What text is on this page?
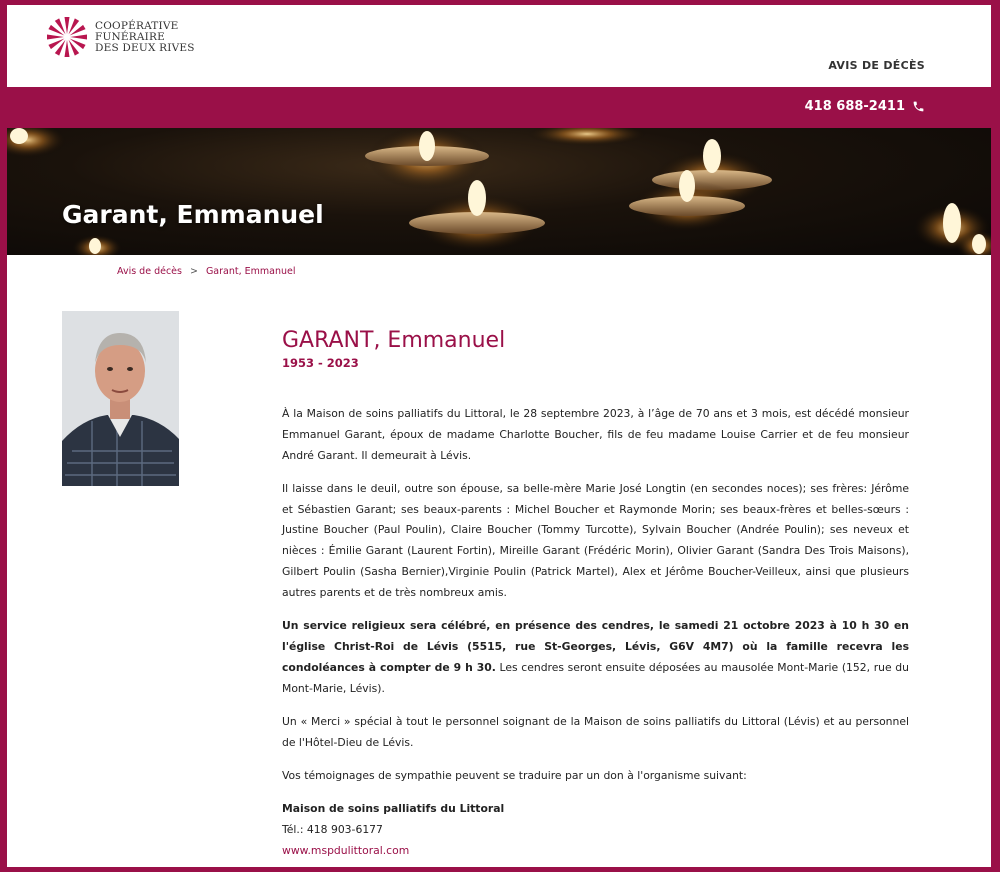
COOPÉRATIVE
FUNÉRAIRE
DES DEUX RIVES
AVIS DE DÉCÈS
418 688-2411
Garant, Emmanuel
Avis de décès > Garant, Emmanuel
GARANT, Emmanuel
1953 - 2023

À la Maison de soins palliatifs du Littoral, le 28 septembre 2023, à l’âge de 70 ans et 3 mois, est décédé monsieur Emmanuel Garant, époux de madame Charlotte Boucher, fils de feu madame Louise Carrier et de feu monsieur André Garant. Il demeurait à Lévis.

Il laisse dans le deuil, outre son épouse, sa belle-mère Marie José Longtin (en secondes noces); ses frères: Jérôme et Sébastien Garant; ses beaux-parents : Michel Boucher et Raymonde Morin; ses beaux-frères et belles-sœurs : Justine Boucher (Paul Poulin), Claire Boucher (Tommy Turcotte), Sylvain Boucher (Andrée Poulin); ses neveux et nièces : Émilie Garant (Laurent Fortin), Mireille Garant (Frédéric Morin), Olivier Garant (Sandra Des Trois Maisons), Gilbert Poulin (Sasha Bernier),Virginie Poulin (Patrick Martel), Alex et Jérôme Boucher-Veilleux, ainsi que plusieurs autres parents et de très nombreux amis.

Un service religieux sera célébré, en présence des cendres, le samedi 21 octobre 2023 à 10 h 30 en l'église Christ-Roi de Lévis (5515, rue St-Georges, Lévis, G6V 4M7) où la famille recevra les condoléances à compter de 9 h 30. Les cendres seront ensuite déposées au mausolée Mont-Marie (152, rue du Mont-Marie, Lévis).

Un « Merci » spécial à tout le personnel soignant de la Maison de soins palliatifs du Littoral (Lévis) et au personnel de l'Hôtel-Dieu de Lévis.

Vos témoignages de sympathie peuvent se traduire par un don à l'organisme suivant:

Maison de soins palliatifs du Littoral

Tél.: 418 903-6177

www.mspdulittoral.com
